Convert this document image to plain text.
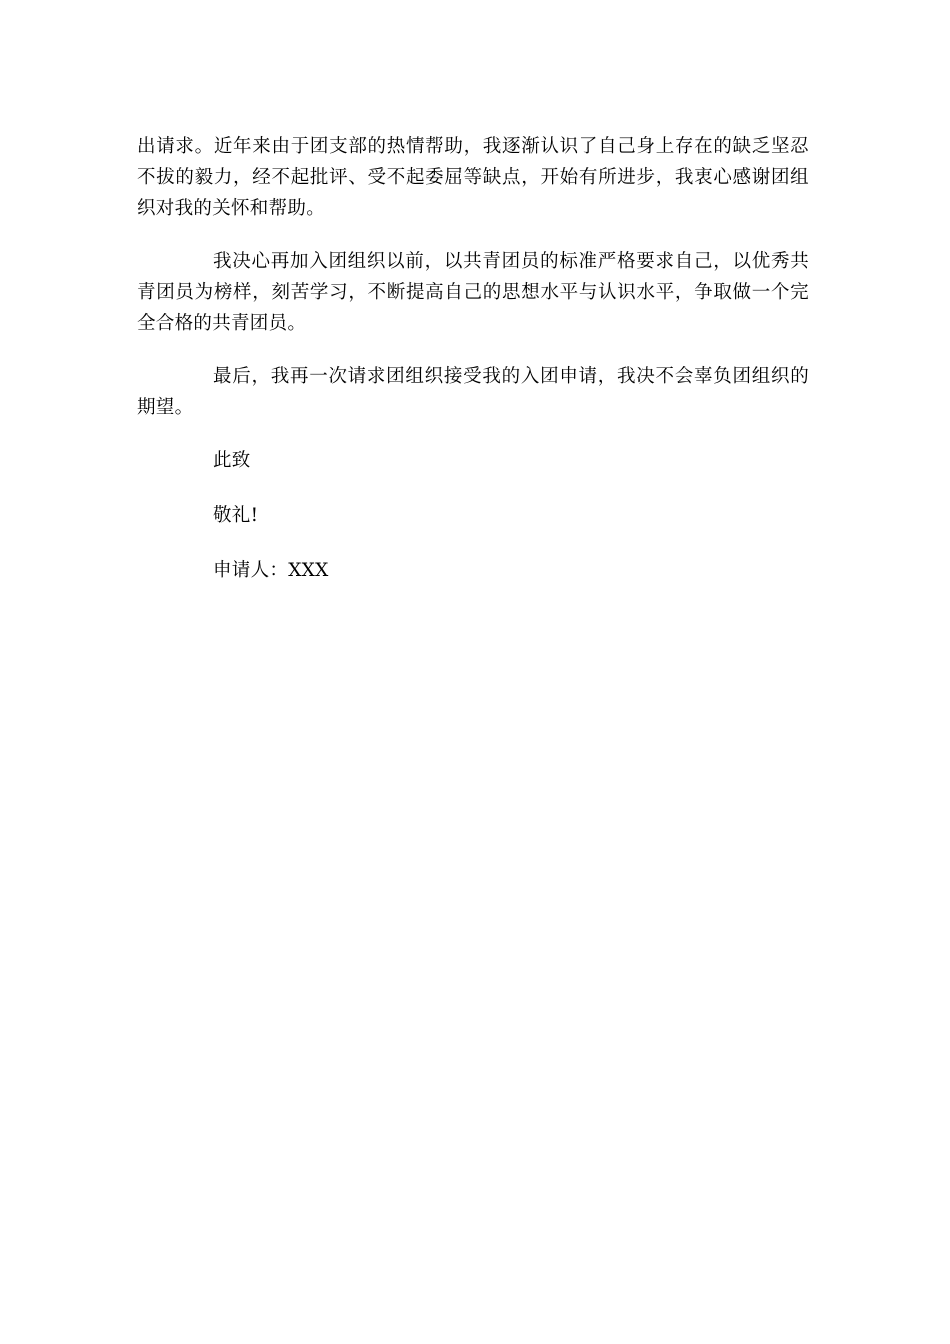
出请求。近年来由于团支部的热情帮助，我逐渐认识了自己身上存在的缺乏坚忍不拔的毅力，经不起批评、受不起委屈等缺点，开始有所进步，我衷心感谢团组织对我的关怀和帮助。

我决心再加入团组织以前，以共青团员的标准严格要求自己，以优秀共青团员为榜样，刻苦学习，不断提高自己的思想水平与认识水平，争取做一个完全合格的共青团员。

最后，我再一次请求团组织接受我的入团申请，我决不会辜负团组织的期望。

此致

敬礼!

申请人：XXX
